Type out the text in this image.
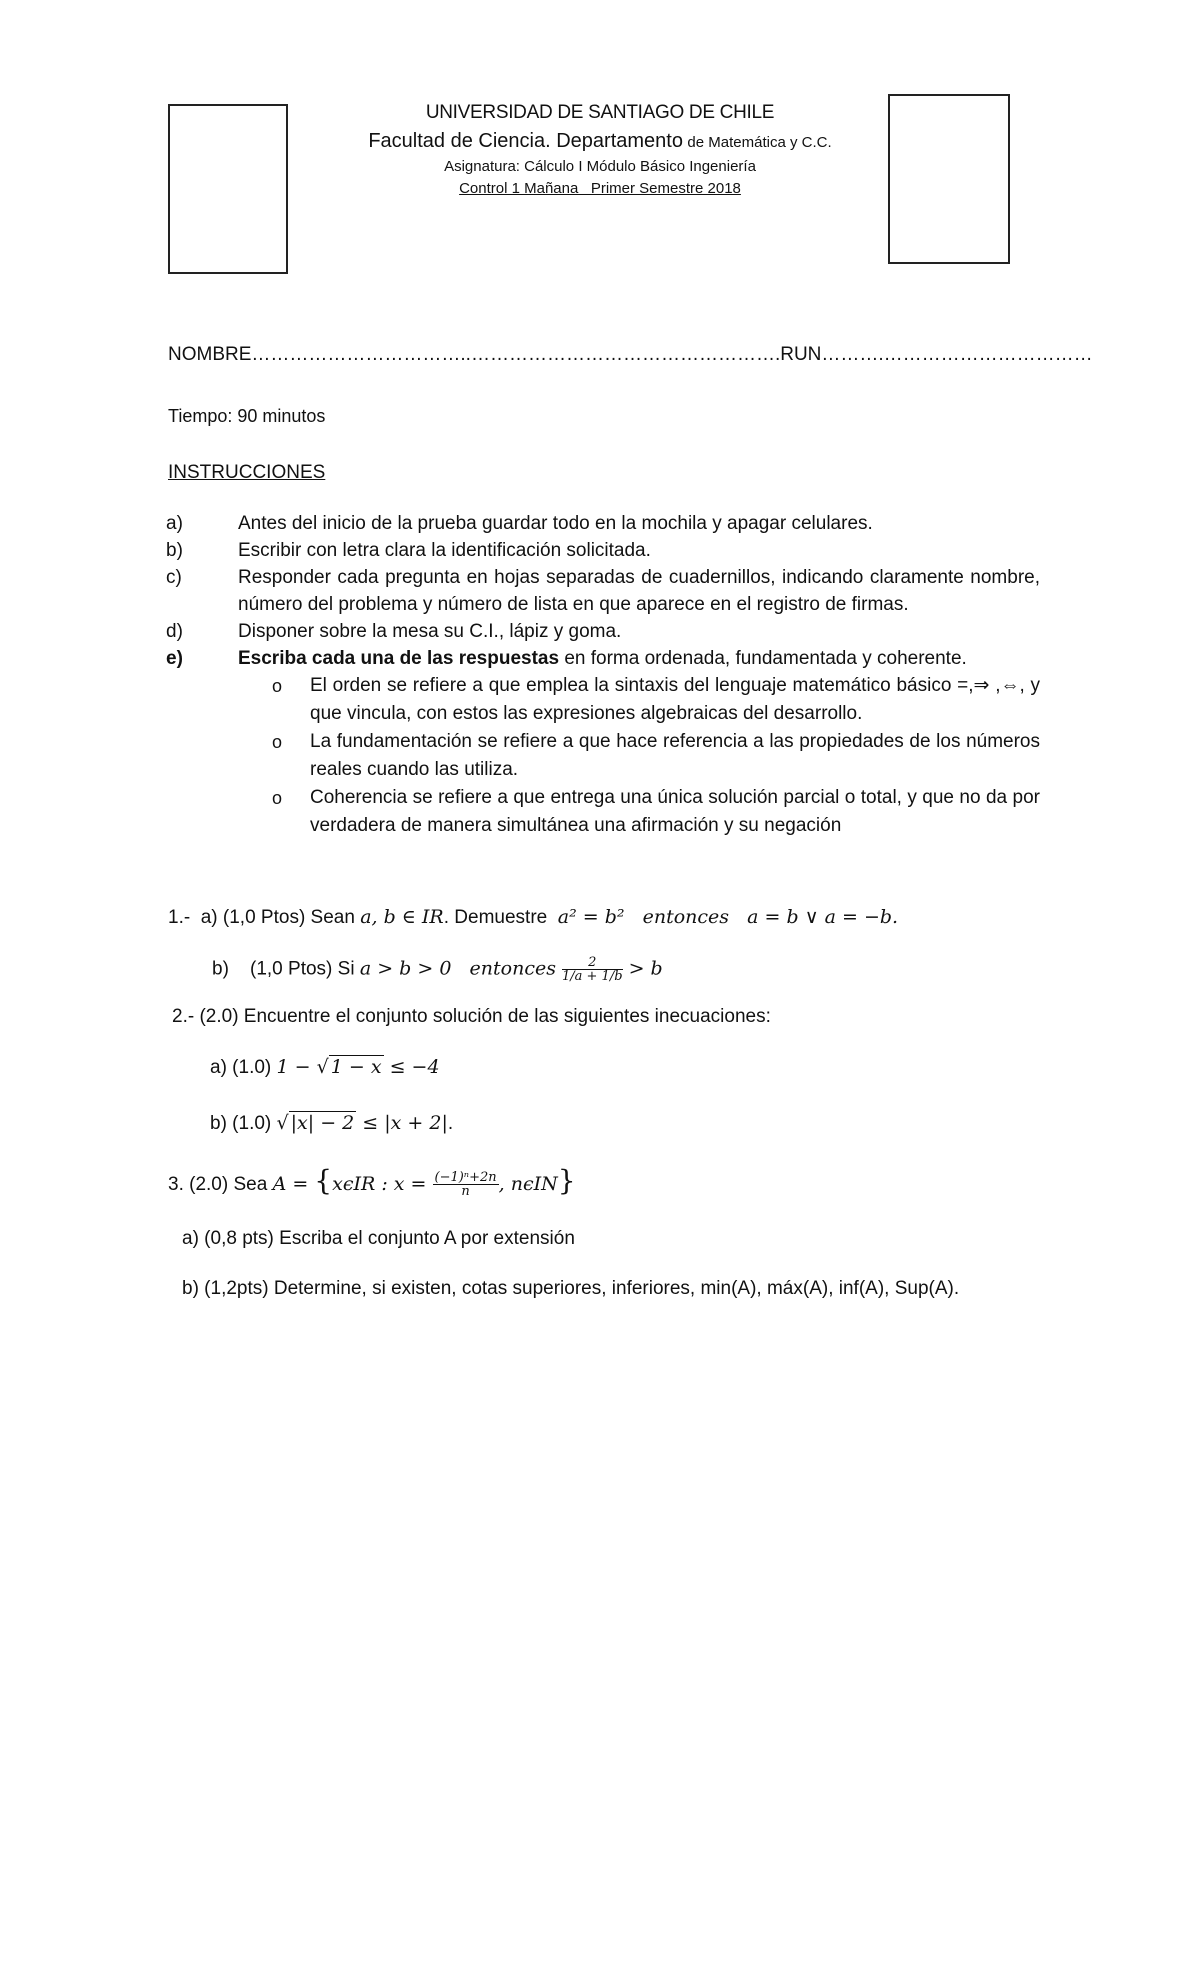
UNIVERSIDAD DE SANTIAGO DE CHILE
Facultad de Ciencia. Departamento de Matemática y C.C.
Asignatura: Cálculo I Módulo Básico Ingeniería
Control 1 Mañana   Primer Semestre 2018
NOMBRE……………………………..………………………………………….RUN……….……………………………
Tiempo: 90 minutos
INSTRUCCIONES
a)	Antes del inicio de la prueba guardar todo en la mochila y apagar celulares.
b)	Escribir con letra clara la identificación solicitada.
c)	Responder cada pregunta en hojas separadas de cuadernillos, indicando claramente nombre, número del problema y número de lista en que aparece en el registro de firmas.
d)	Disponer sobre la mesa su C.I., lápiz y goma.
e)	Escriba cada una de las respuestas en forma ordenada, fundamentada y coherente.
o El orden se refiere a que emplea la sintaxis del lenguaje matemático básico =,⇒ ,⇔, y que vincula, con estos las expresiones algebraicas del desarrollo.
o La fundamentación se refiere a que hace referencia a las propiedades de los números reales cuando las utiliza.
o Coherencia se refiere a que entrega una única solución parcial o total, y que no da por verdadera de manera simultánea una afirmación y su negación
1.-  a) (1,0 Ptos) Sean a, b ∈ IR. Demuestre  a² = b²   entonces   a = b ∨ a = −b.
b)    (1,0 Ptos) Si a > b > 0   entonces $\frac{2}{1/a + 1/b} > b$
2.- (2.0) Encuentre el conjunto solución de las siguientes inecuaciones:
a) (1.0) 1 − √ 1 − x ≤ −4
b) (1.0) √ |x| − 2 ≤ |x + 2|.
3. (2.0) Sea A = {xϵIR : $x = \frac{\text{(−1)ⁿ+2n}}{n}$ , nϵIN}
a) (0,8 pts) Escriba el conjunto A por extensión
b) (1,2pts) Determine, si existen, cotas superiores, inferiores, min(A), máx(A), inf(A), Sup(A).
